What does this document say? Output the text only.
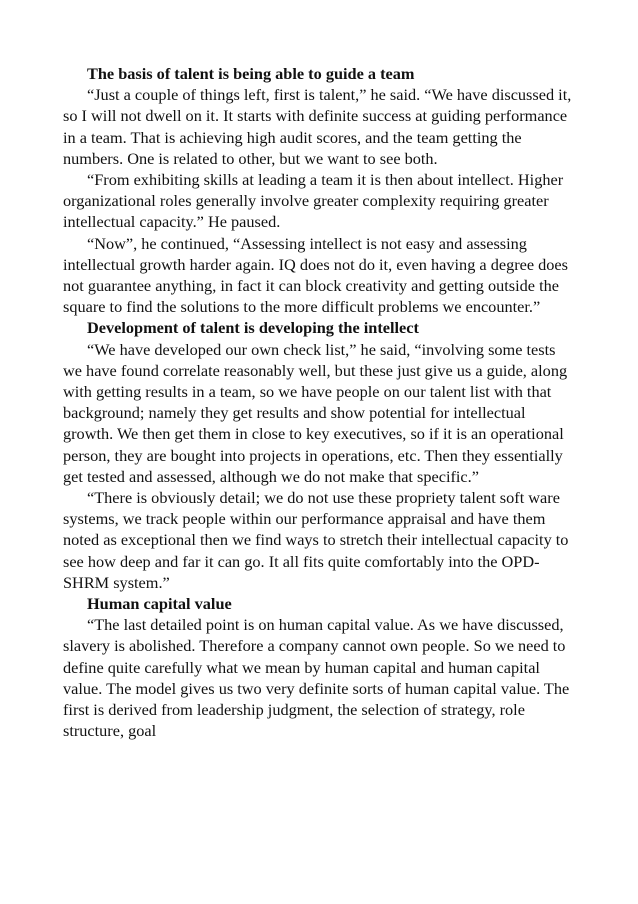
The basis of talent is being able to guide a team

“Just a couple of things left, first is talent,” he said. “We have discussed it, so I will not dwell on it. It starts with definite success at guiding performance in a team. That is achieving high audit scores, and the team getting the numbers. One is related to other, but we want to see both.

“From exhibiting skills at leading a team it is then about intellect. Higher organizational roles generally involve greater complexity requiring greater intellectual capacity.” He paused.

“Now”, he continued, “Assessing intellect is not easy and assessing intellectual growth harder again. IQ does not do it, even having a degree does not guarantee anything, in fact it can block creativity and getting outside the square to find the solutions to the more difficult problems we encounter.”

Development of talent is developing the intellect

“We have developed our own check list,” he said, “involving some tests we have found correlate reasonably well, but these just give us a guide, along with getting results in a team, so we have people on our talent list with that background; namely they get results and show potential for intellectual growth. We then get them in close to key executives, so if it is an operational person, they are bought into projects in operations, etc. Then they essentially get tested and assessed, although we do not make that specific.”

“There is obviously detail; we do not use these propriety talent soft ware systems, we track people within our performance appraisal and have them noted as exceptional then we find ways to stretch their intellectual capacity to see how deep and far it can go. It all fits quite comfortably into the OPD-SHRM system.”

Human capital value

“The last detailed point is on human capital value. As we have discussed, slavery is abolished. Therefore a company cannot own people. So we need to define quite carefully what we mean by human capital and human capital value. The model gives us two very definite sorts of human capital value. The first is derived from leadership judgment, the selection of strategy, role structure, goal
